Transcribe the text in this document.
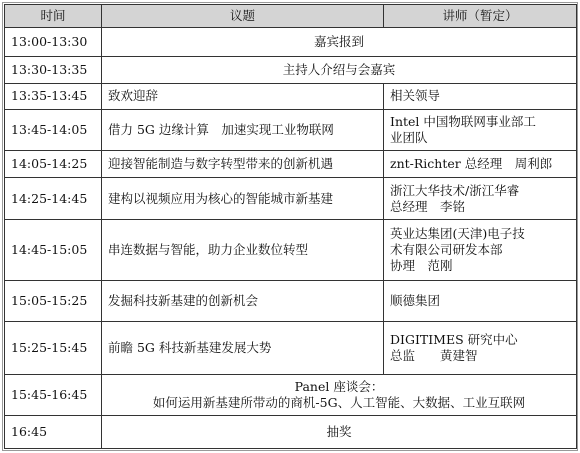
时间	议题	讲师（暂定）
13:00-13:30	嘉宾报到	
13:30-13:35	主持人介绍与会嘉宾	
13:35-13:45	致欢迎辞	相关领导

13:45-14:05	借力 5G 边缘计算　加速实现工业物联网	Intel 中国物联网事业部工
业团队

14:05-14:25	迎接智能制造与数字转型带来的创新机遇	znt-Richter 总经理　周利郎

14:25-14:45	建构以视频应用为核心的智能城市新基建	浙江大华技术/浙江华睿
总经理　李铭

14:45-15:05	串连数据与智能，助力企业数位转型	英业达集团(天津)电子技
术有限公司研发本部
协理　范刚

15:05-15:25	发掘科技新基建的创新机会	顺德集团

15:25-15:45	前瞻 5G 科技新基建发展大势	DIGITIMES 研究中心
总监　　黄建智

15:45-16:45	Panel 座谈会：
如何运用新基建所带动的商机-5G、人工智能、大数据、工业互联网	

16:45	抽奖	
